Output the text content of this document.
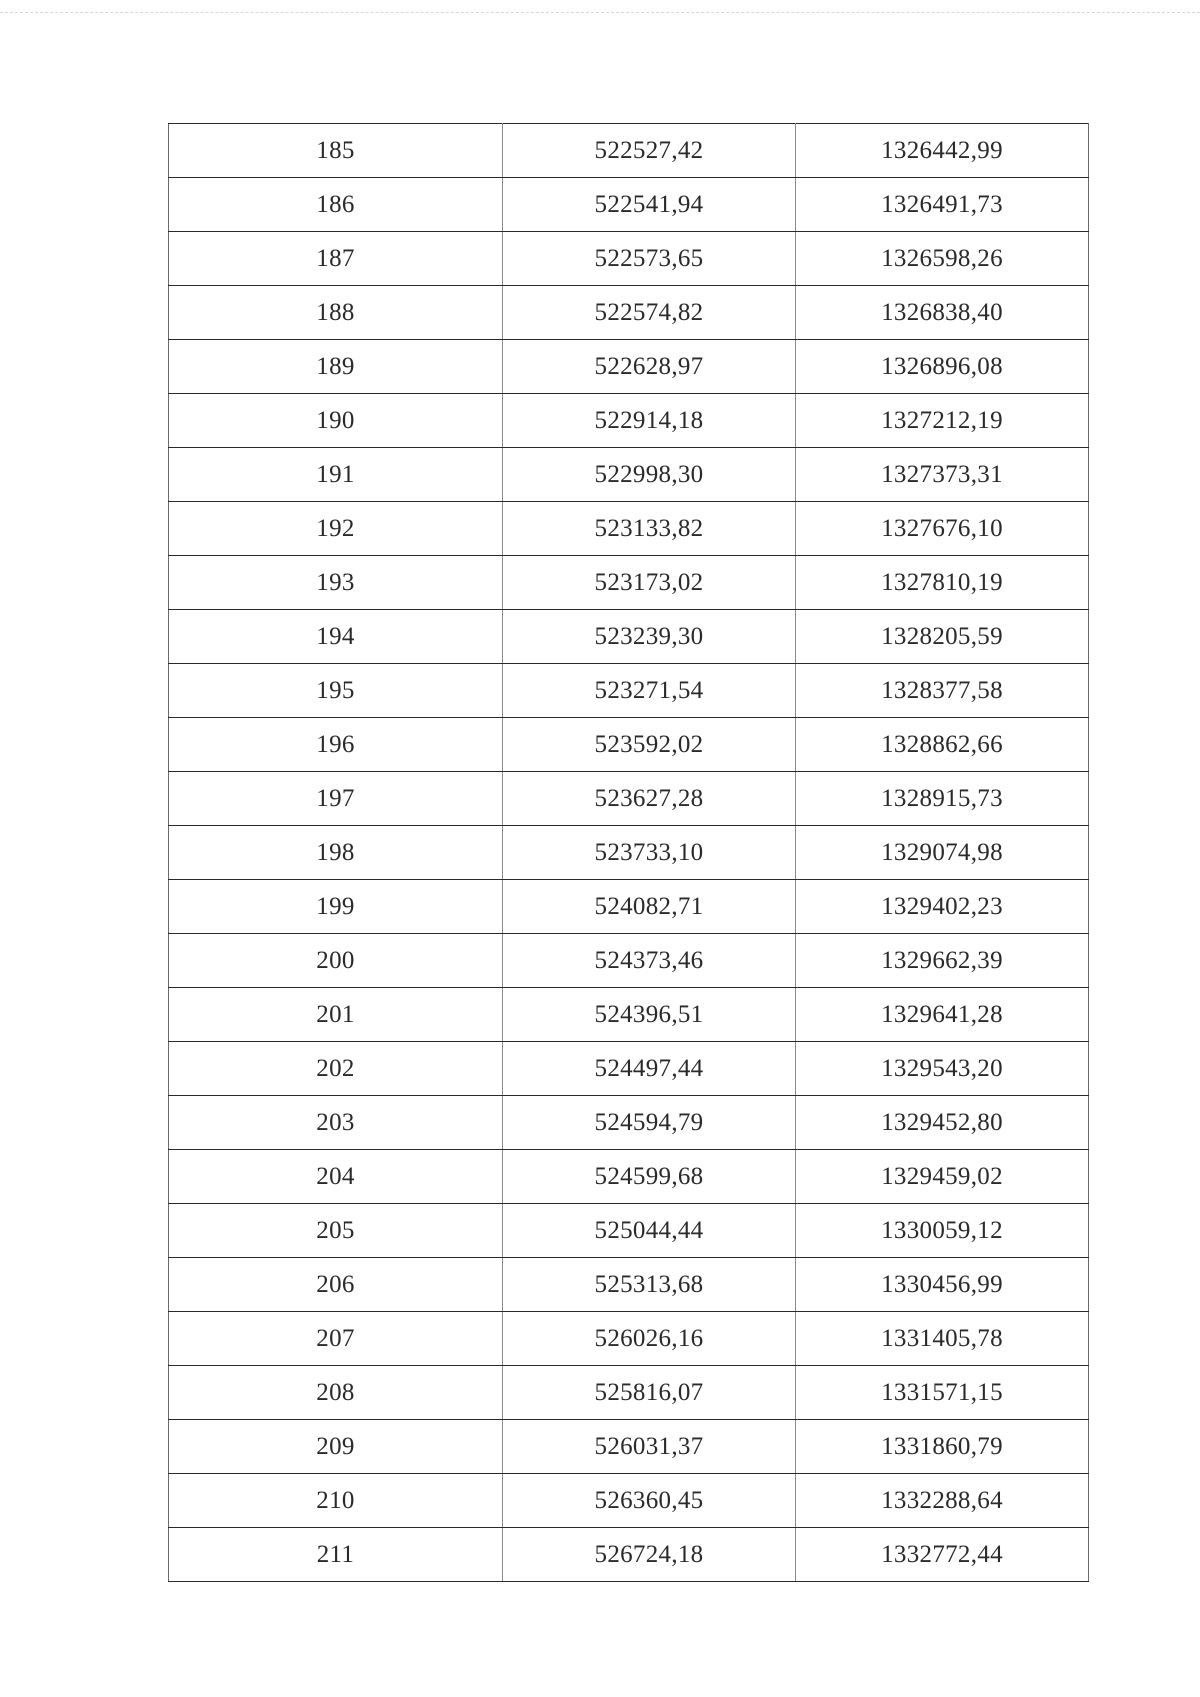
185	522527,42	1326442,99
186	522541,94	1326491,73
187	522573,65	1326598,26
188	522574,82	1326838,40
189	522628,97	1326896,08
190	522914,18	1327212,19
191	522998,30	1327373,31
192	523133,82	1327676,10
193	523173,02	1327810,19
194	523239,30	1328205,59
195	523271,54	1328377,58
196	523592,02	1328862,66
197	523627,28	1328915,73
198	523733,10	1329074,98
199	524082,71	1329402,23
200	524373,46	1329662,39
201	524396,51	1329641,28
202	524497,44	1329543,20
203	524594,79	1329452,80
204	524599,68	1329459,02
205	525044,44	1330059,12
206	525313,68	1330456,99
207	526026,16	1331405,78
208	525816,07	1331571,15
209	526031,37	1331860,79
210	526360,45	1332288,64
211	526724,18	1332772,44
